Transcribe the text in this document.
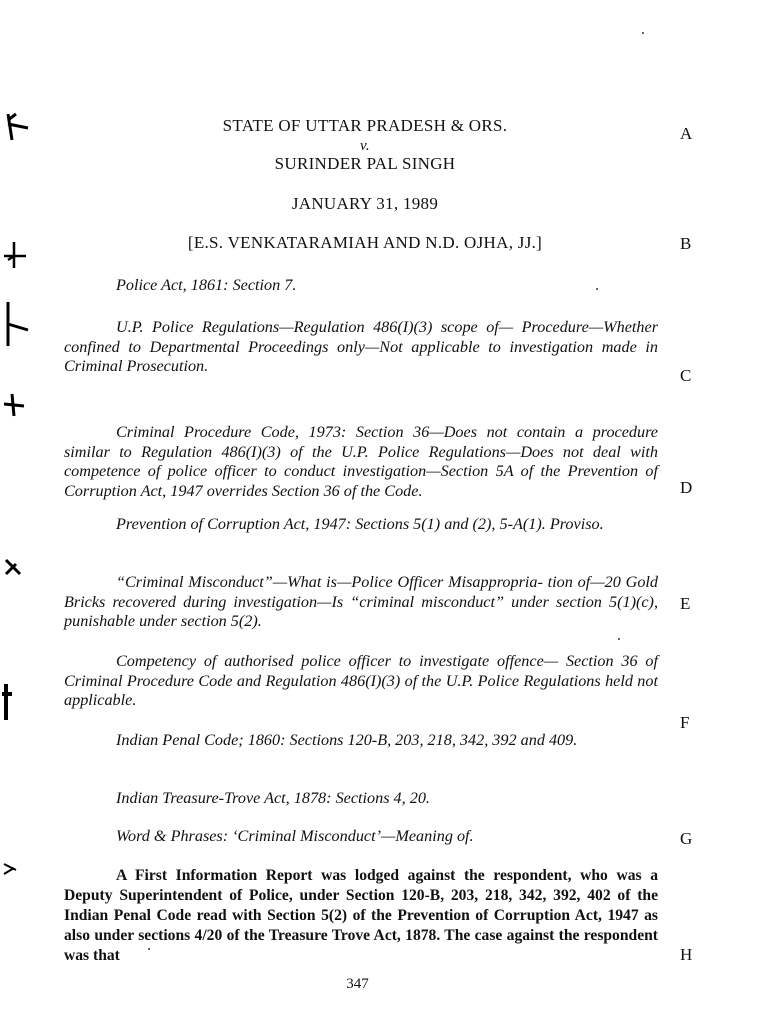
STATE OF UTTAR PRADESH & ORS.
v.
SURINDER PAL SINGH
JANUARY 31, 1989
[E.S. VENKATARAMIAH AND N.D. OJHA, JJ.]
A
B
C
D
E
F
G
H
Police Act, 1861: Section 7.
U.P. Police Regulations—Regulation 486(I)(3) scope of— Procedure—Whether confined to Departmental Proceedings only—Not applicable to investigation made in Criminal Prosecution.
Criminal Procedure Code, 1973: Section 36—Does not contain a procedure similar to Regulation 486(I)(3) of the U.P. Police Regulations—Does not deal with competence of police officer to conduct investigation—Section 5A of the Prevention of Corruption Act, 1947 overrides Section 36 of the Code.
Prevention of Corruption Act, 1947: Sections 5(1) and (2), 5-A(1). Proviso.
“Criminal Misconduct”—What is—Police Officer Misappropria- tion of—20 Gold Bricks recovered during investigation—Is “criminal misconduct” under section 5(1)(c), punishable under section 5(2).
Competency of authorised police officer to investigate offence— Section 36 of Criminal Procedure Code and Regulation 486(I)(3) of the U.P. Police Regulations held not applicable.
Indian Penal Code; 1860: Sections 120-B, 203, 218, 342, 392 and 409.
Indian Treasure-Trove Act, 1878: Sections 4, 20.
Word & Phrases: ‘Criminal Misconduct’—Meaning of.
A First Information Report was lodged against the respondent, who was a Deputy Superintendent of Police, under Section 120-B, 203, 218, 342, 392, 402 of the Indian Penal Code read with Section 5(2) of the Prevention of Corruption Act, 1947 as also under sections 4/20 of the Treasure Trove Act, 1878. The case against the respondent was that
347
